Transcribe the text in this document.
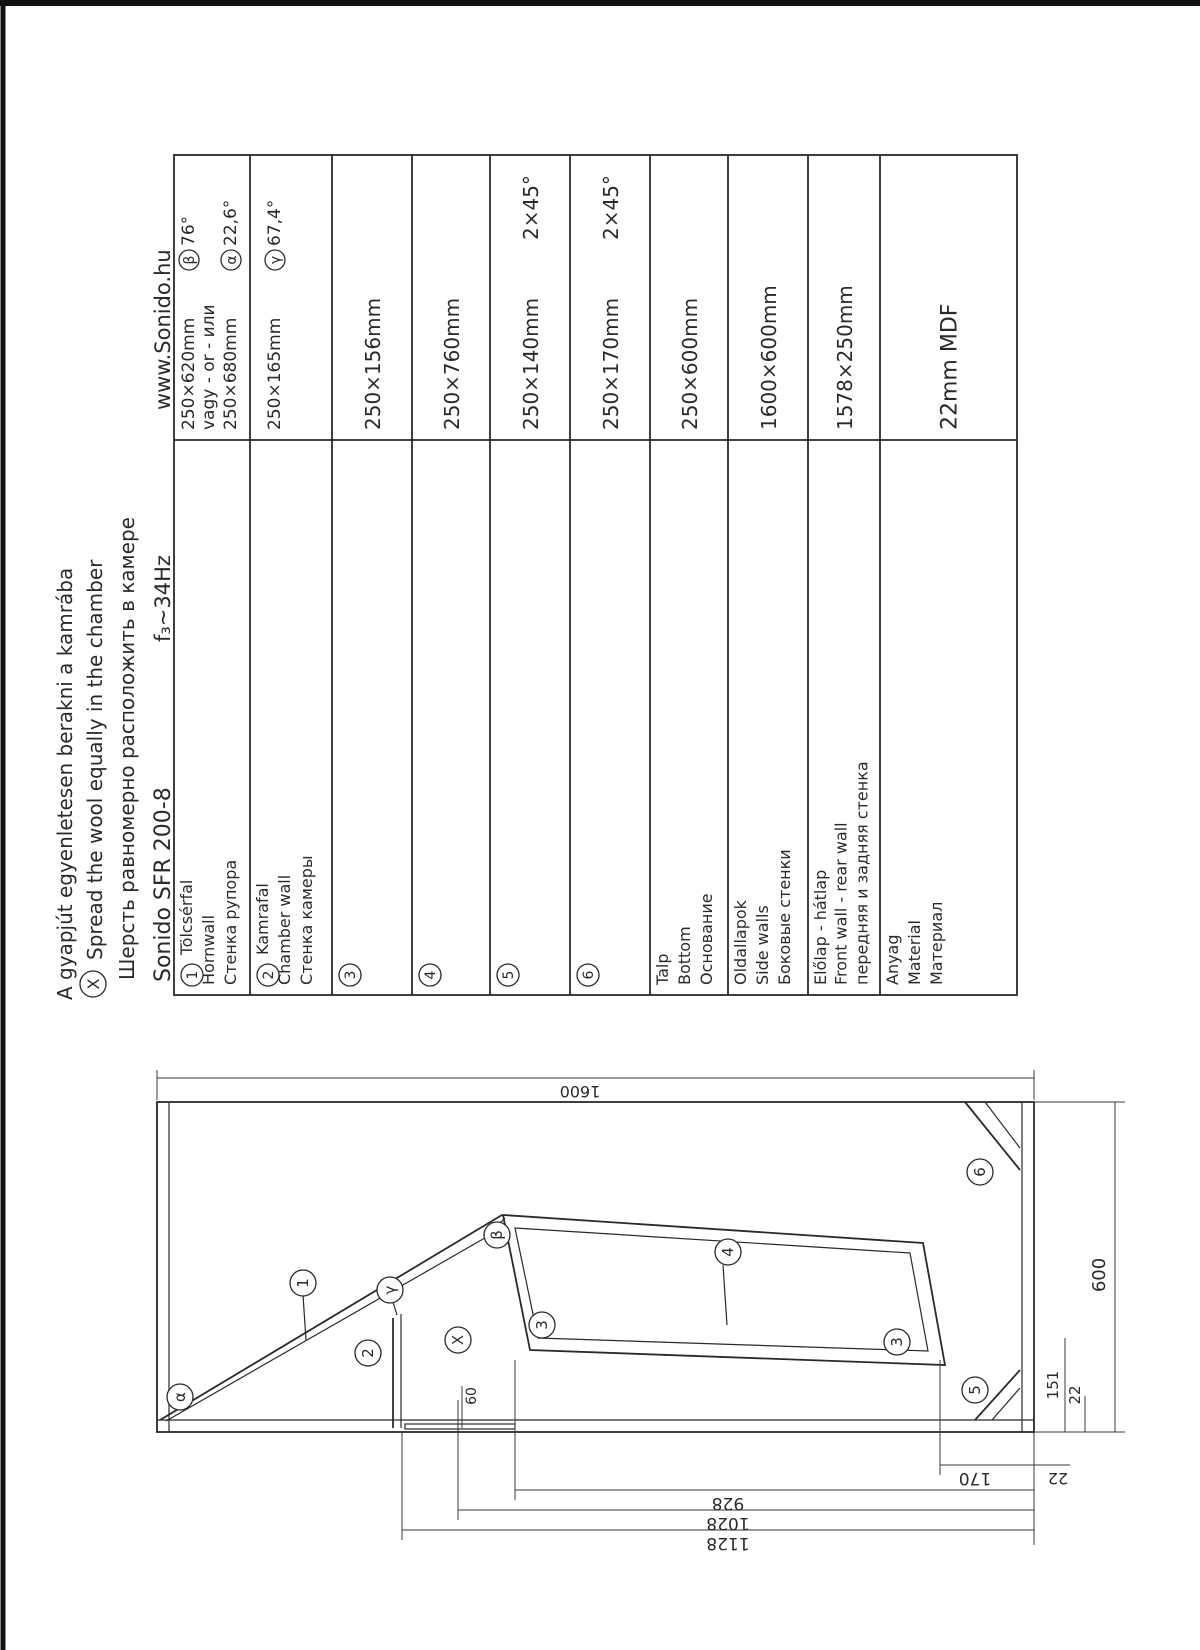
A gyapjút egyenletesen berakni a kamrába X
Spread the wool equally in the chamber Шерсть равномерно расположить в камере Sonido SFR 200-8
f₃~34Hz
www.Sonido.hu
1
Tölcsérfal Hornwall Стенка рупора
250×620mm vagy - or - или 250×680mm
β
76°
α
22,6°
2
Kamrafal Chamber wall Стенка камеры
250×165mm
γ
67,4°
3
250×156mm
4
250×760mm
5
250×140mm
2×45°
6
250×170mm
2×45°
Talp Bottom Основание
250×600mm
Oldallapok Side walls Боковые стенки
1600×600mm
Előlap - hátlap Front wall - rear wall передняя и задняя стенка
1578×250mm
Anyag Material Материал
22mm MDF
1600
600
1128
1028
928
170	22
151 22
60
α
1
γ
β
2
X
3
4
3
6
5
